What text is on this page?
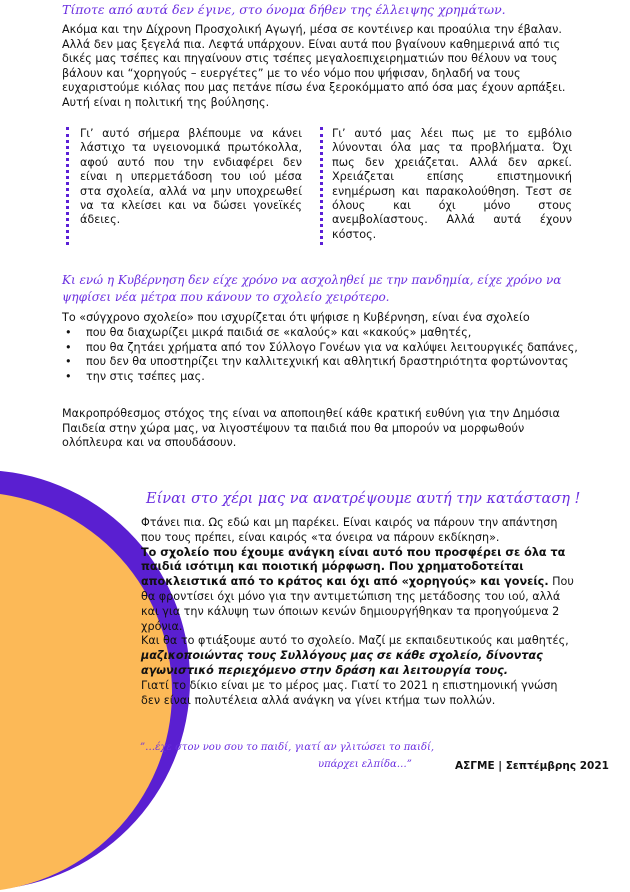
Τίποτε από αυτά δεν έγινε, στο όνομα δήθεν της έλλειψης χρημάτων.
Ακόμα και την Δίχρονη Προσχολική Αγωγή, μέσα σε κοντέινερ και προαύλια την έβαλαν.
Αλλά δεν μας ξεγελά πια. Λεφτά υπάρχουν. Είναι αυτά που βγαίνουν καθημερινά από τις
δικές μας τσέπες και πηγαίνουν στις τσέπες μεγαλοεπιχειρηματιών που θέλουν να τους
βάλουν και “χορηγούς – ευεργέτες” με το νέο νόμο που ψήφισαν, δηλαδή να τους
ευχαριστούμε κιόλας που μας πετάνε πίσω ένα ξεροκόμματο από όσα μας έχουν αρπάξει.
Αυτή είναι η πολιτική της βούλησης.
Γι’ αυτό σήμερα βλέπουμε να κάνει λάστιχο τα υγειονομικά πρωτόκολλα, αφού αυτό που την ενδιαφέρει δεν είναι η υπερμετάδοση του ιού μέσα στα σχολεία, αλλά να μην υποχρεωθεί να τα κλείσει και να δώσει γονεϊκές άδειες.
Γι’ αυτό μας λέει πως με το εμβόλιο λύνονται όλα μας τα προβλήματα. Όχι πως δεν χρειάζεται. Αλλά δεν αρκεί. Χρειάζεται επίσης επιστημονική ενημέρωση και παρακολούθηση. Τεστ σε όλους και όχι μόνο στους ανεμβολίαστους. Αλλά αυτά έχουν κόστος.
Κι ενώ η Κυβέρνηση δεν είχε χρόνο να ασχοληθεί με την πανδημία, είχε χρόνο να ψηφίσει νέα μέτρα που κάνουν το σχολείο χειρότερο.
Το «σύγχρονο σχολείο» που ισχυρίζεται ότι ψήφισε η Κυβέρνηση, είναι ένα σχολείο
• που θα διαχωρίζει μικρά παιδιά σε «καλούς» και «κακούς» μαθητές,
• που θα ζητάει χρήματα από τον Σύλλογο Γονέων για να καλύψει λειτουργικές δαπάνες,
• που δεν θα υποστηρίζει την καλλιτεχνική και αθλητική δραστηριότητα φορτώνοντας
• την στις τσέπες μας.
Μακροπρόθεσμος στόχος της είναι να αποποιηθεί κάθε κρατική ευθύνη για την Δημόσια
Παιδεία στην χώρα μας, να λιγοστέψουν τα παιδιά που θα μπορούν να μορφωθούν
ολόπλευρα και να σπουδάσουν.
Είναι στο χέρι μας να ανατρέψουμε αυτή την κατάσταση !
Φτάνει πια. Ως εδώ και μη παρέκει. Είναι καιρός να πάρουν την απάντηση
που τους πρέπει, είναι καιρός «τα όνειρα να πάρουν εκδίκηση».
Το σχολείο που έχουμε ανάγκη είναι αυτό που προσφέρει σε όλα τα
παιδιά ισότιμη και ποιοτική μόρφωση. Που χρηματοδοτείται
αποκλειστικά από το κράτος και όχι από «χορηγούς» και γονείς. Που
θα φροντίσει όχι μόνο για την αντιμετώπιση της μετάδοσης του ιού, αλλά
και για την κάλυψη των όποιων κενών δημιουργήθηκαν τα προηγούμενα 2
χρόνια.
Και θα το φτιάξουμε αυτό το σχολείο. Μαζί με εκπαιδευτικούς και μαθητές,
μαζικοποιώντας τους Συλλόγους μας σε κάθε σχολείο, δίνοντας
αγωνιστικό περιεχόμενο στην δράση και λειτουργία τους.
Γιατί το δίκιο είναι με το μέρος μας. Γιατί το 2021 η επιστημονική γνώση
δεν είναι πολυτέλεια αλλά ανάγκη να γίνει κτήμα των πολλών.
”…έχε στον νου σου το παιδί, γιατί αν γλιτώσει το παιδί,
υπάρχει ελπίδα…”	ΑΣΓΜΕ | Σεπτέμβρης 2021
